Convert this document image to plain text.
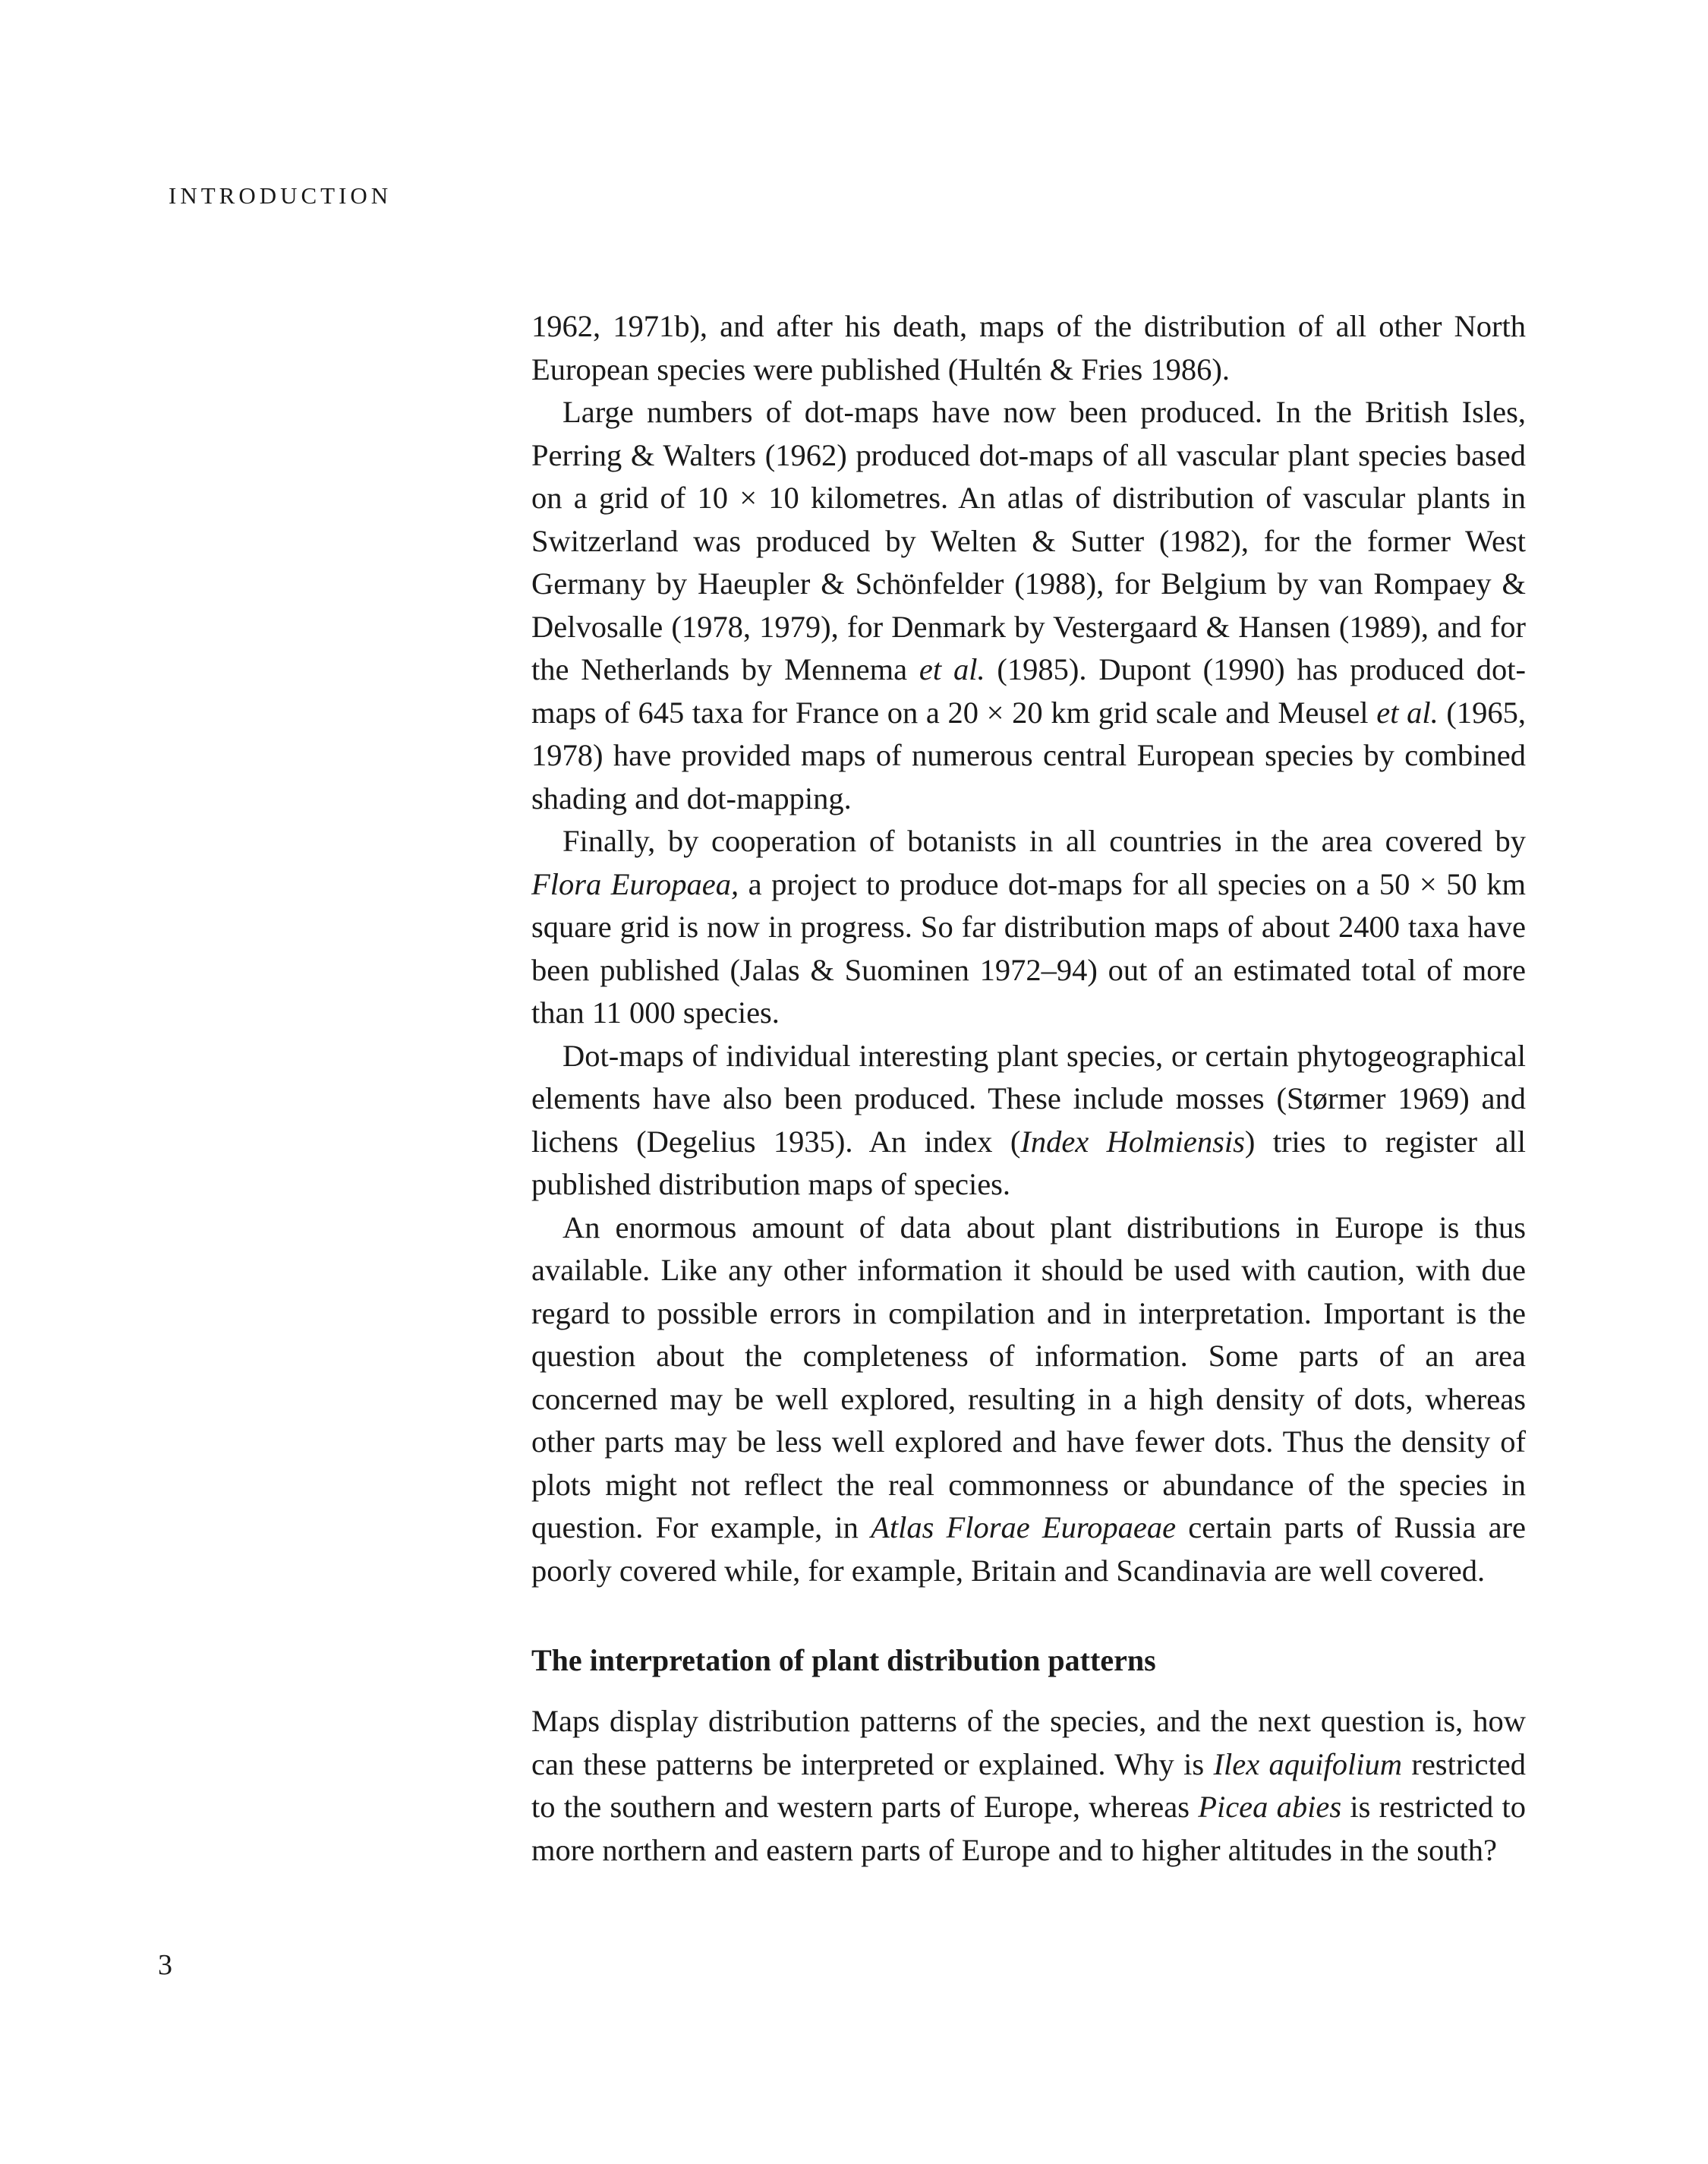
INTRODUCTION

1962, 1971b), and after his death, maps of the distribution of all other North European species were published (Hultén & Fries 1986).

Large numbers of dot-maps have now been produced. In the British Isles, Perring & Walters (1962) produced dot-maps of all vascular plant species based on a grid of 10 × 10 kilometres. An atlas of distribution of vascular plants in Switzerland was produced by Welten & Sutter (1982), for the former West Germany by Haeupler & Schönfelder (1988), for Belgium by van Rompaey & Delvosalle (1978, 1979), for Denmark by Vestergaard & Hansen (1989), and for the Netherlands by Mennema et al. (1985). Dupont (1990) has produced dot-maps of 645 taxa for France on a 20 × 20 km grid scale and Meusel et al. (1965, 1978) have provided maps of numerous central European species by combined shading and dot-mapping.

Finally, by cooperation of botanists in all countries in the area covered by Flora Europaea, a project to produce dot-maps for all species on a 50 × 50 km square grid is now in progress. So far distribution maps of about 2400 taxa have been published (Jalas & Suominen 1972–94) out of an estimated total of more than 11 000 species.

Dot-maps of individual interesting plant species, or certain phytogeographical elements have also been produced. These include mosses (Størmer 1969) and lichens (Degelius 1935). An index (Index Holmiensis) tries to register all published distribution maps of species.

An enormous amount of data about plant distributions in Europe is thus available. Like any other information it should be used with caution, with due regard to possible errors in compilation and in interpretation. Important is the question about the completeness of information. Some parts of an area concerned may be well explored, resulting in a high density of dots, whereas other parts may be less well explored and have fewer dots. Thus the density of plots might not reflect the real commonness or abundance of the species in question. For example, in Atlas Florae Europaeae certain parts of Russia are poorly covered while, for example, Britain and Scandinavia are well covered.

The interpretation of plant distribution patterns

Maps display distribution patterns of the species, and the next question is, how can these patterns be interpreted or explained. Why is Ilex aquifolium restricted to the southern and western parts of Europe, whereas Picea abies is restricted to more northern and eastern parts of Europe and to higher altitudes in the south?

3
